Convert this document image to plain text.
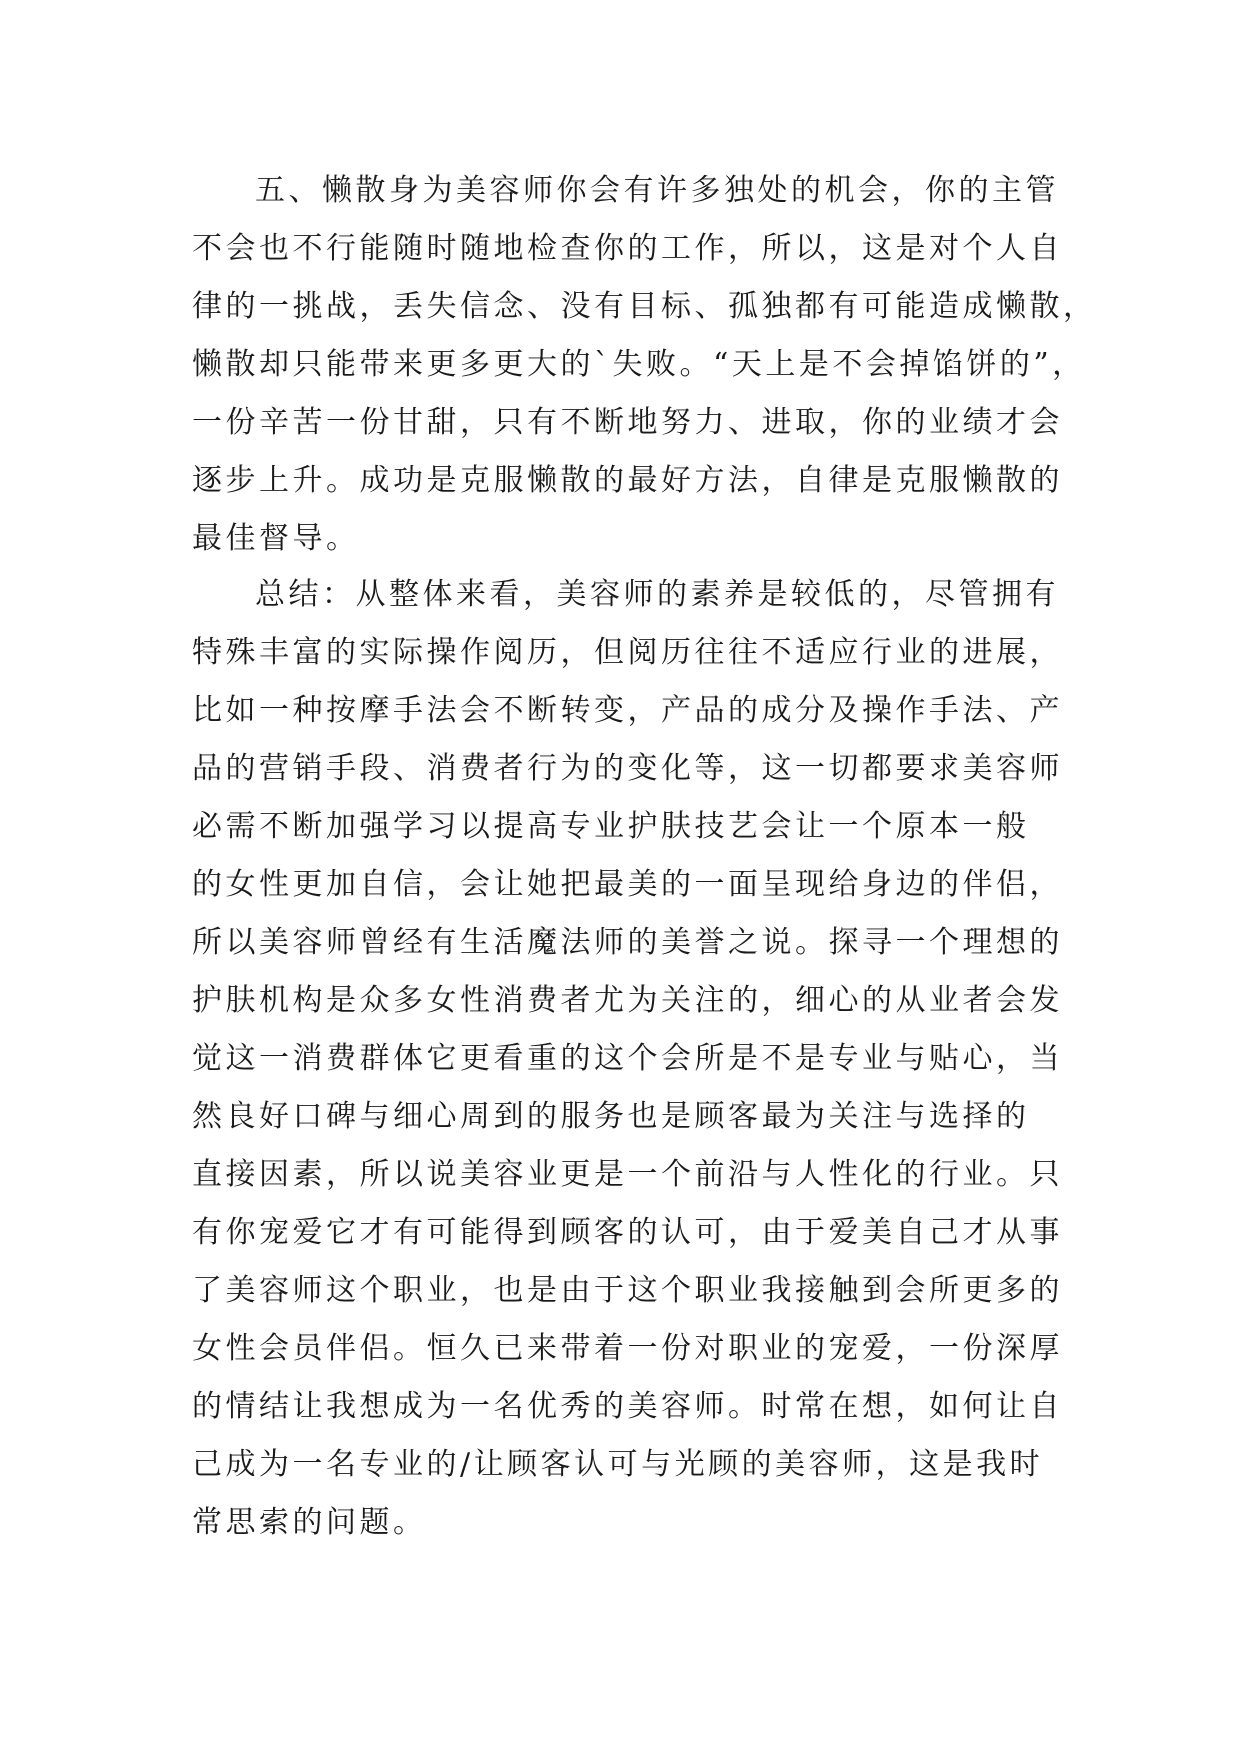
五、懒散身为美容师你会有许多独处的机会，你的主管
不会也不行能随时随地检查你的工作，所以，这是对个人自
律的一挑战，丢失信念、没有目标、孤独都有可能造成懒散，
懒散却只能带来更多更大的`失败。“天上是不会掉馅饼的”，
一份辛苦一份甘甜，只有不断地努力、进取，你的业绩才会
逐步上升。成功是克服懒散的最好方法，自律是克服懒散的
最佳督导。
总结：从整体来看，美容师的素养是较低的，尽管拥有
特殊丰富的实际操作阅历，但阅历往往不适应行业的进展，
比如一种按摩手法会不断转变，产品的成分及操作手法、产
品的营销手段、消费者行为的变化等，这一切都要求美容师
必需不断加强学习以提高专业护肤技艺会让一个原本一般
的女性更加自信，会让她把最美的一面呈现给身边的伴侣，
所以美容师曾经有生活魔法师的美誉之说。探寻一个理想的
护肤机构是众多女性消费者尤为关注的，细心的从业者会发
觉这一消费群体它更看重的这个会所是不是专业与贴心，当
然良好口碑与细心周到的服务也是顾客最为关注与选择的
直接因素，所以说美容业更是一个前沿与人性化的行业。只
有你宠爱它才有可能得到顾客的认可，由于爱美自己才从事
了美容师这个职业，也是由于这个职业我接触到会所更多的
女性会员伴侣。恒久已来带着一份对职业的宠爱，一份深厚
的情结让我想成为一名优秀的美容师。时常在想，如何让自
己成为一名专业的/让顾客认可与光顾的美容师，这是我时
常思索的问题。
